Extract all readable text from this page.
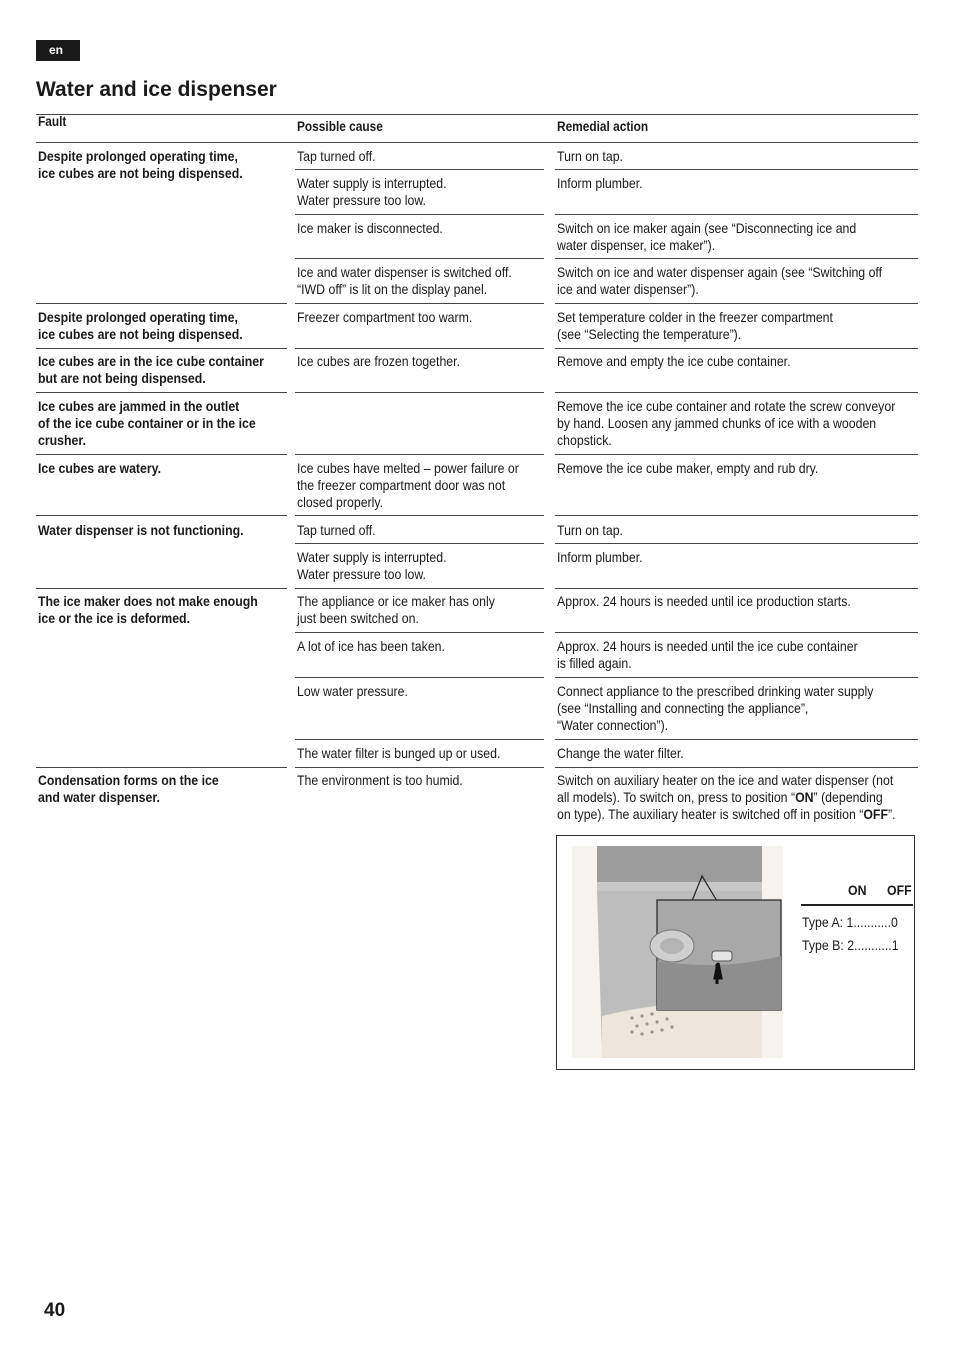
en
Water and ice dispenser
Fault	Possible cause	Remedial action
Despite prolonged operating time,
ice cubes are not being dispensed.
Despite prolonged operating time,
ice cubes are not being dispensed.
Ice cubes are in the ice cube container
but are not being dispensed.
Ice cubes are jammed in the outlet
of the ice cube container or in the ice
crusher.
Ice cubes are watery.
Water dispenser is not functioning.
The ice maker does not make enough
ice or the ice is deformed.
Condensation forms on the ice
and water dispenser.
Tap turned off.
Water supply is interrupted.
Water pressure too low.
Ice maker is disconnected.
Ice and water dispenser is switched off.
“IWD off” is lit on the display panel.
Freezer compartment too warm.
Ice cubes are frozen together.
Ice cubes have melted – power failure or
the freezer compartment door was not
closed properly.
Tap turned off.
Water supply is interrupted.
Water pressure too low.
The appliance or ice maker has only
just been switched on.
A lot of ice has been taken.
Low water pressure.
The water filter is bunged up or used.
The environment is too humid.
Turn on tap.
Inform plumber.
Switch on ice maker again (see “Disconnecting ice and
water dispenser, ice maker”).
Switch on ice and water dispenser again (see “Switching off
ice and water dispenser”).
Set temperature colder in the freezer compartment
(see “Selecting the temperature”).
Remove and empty the ice cube container.
Remove the ice cube container and rotate the screw conveyor
by hand. Loosen any jammed chunks of ice with a wooden
chopstick.
Remove the ice cube maker, empty and rub dry.
Turn on tap.
Inform plumber.
Approx. 24 hours is needed until ice production starts.
Approx. 24 hours is needed until the ice cube container
is filled again.
Connect appliance to the prescribed drinking water supply
(see “Installing and connecting the appliance”,
“Water connection”).
Change the water filter.
Switch on auxiliary heater on the ice and water dispenser (not
all models). To switch on, press to position “ON” (depending
on type). The auxiliary heater is switched off in position “OFF”.
ON OFF
Type A: 1...........0
Type B: 2...........1
40
